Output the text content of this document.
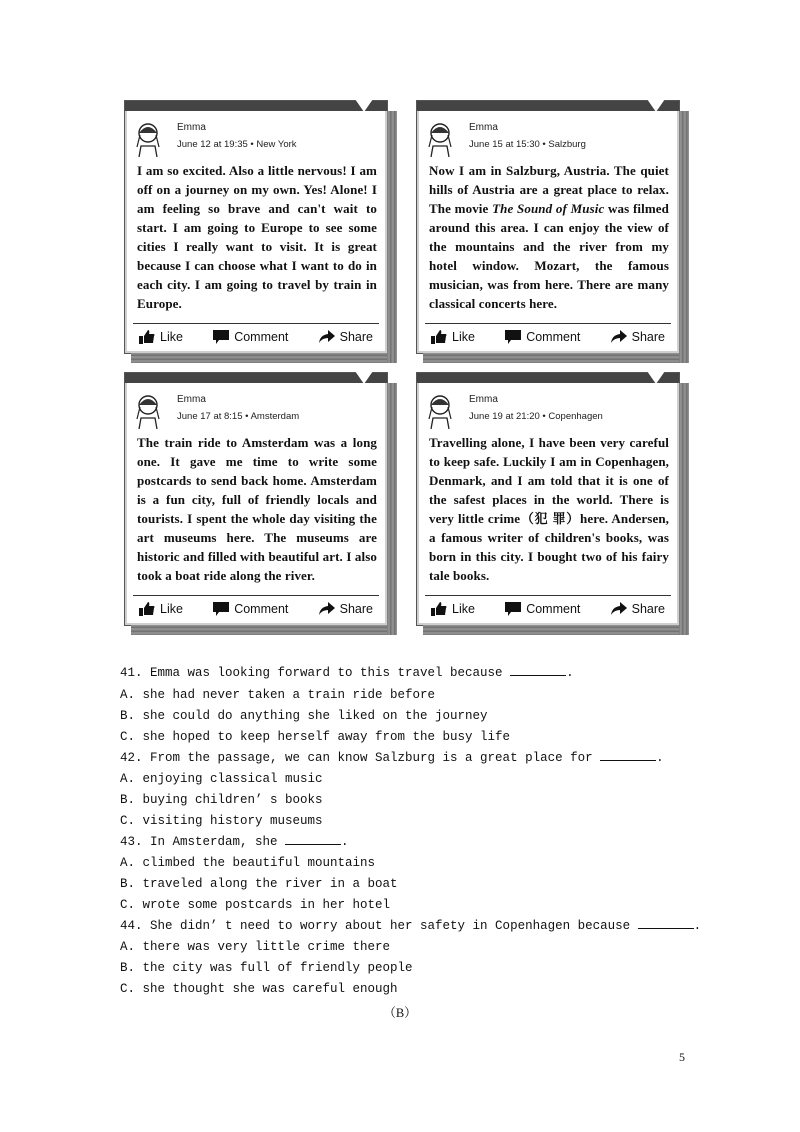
Emma
June 12 at 19:35 • New York
I am so excited. Also a little nervous! I am off on a journey on my own. Yes! Alone! I am feeling so brave and can't wait to start. I am going to Europe to see some cities I really want to visit. It is great because I can choose what I want to do in each city. I am going to travel by train in Europe.
Like	Comment	Share
Emma
June 15 at 15:30 • Salzburg
Now I am in Salzburg, Austria. The quiet hills of Austria are a great place to relax. The movie The Sound of Music was filmed around this area. I can enjoy the view of the mountains and the river from my hotel window. Mozart, the famous musician, was from here. There are many classical concerts here.
Like	Comment	Share
Emma
June 17 at 8:15 • Amsterdam
The train ride to Amsterdam was a long one. It gave me time to write some postcards to send back home. Amsterdam is a fun city, full of friendly locals and tourists. I spent the whole day visiting the art museums here. The museums are historic and filled with beautiful art. I also took a boat ride along the river.
Like	Comment	Share
Emma
June 19 at 21:20 • Copenhagen
Travelling alone, I have been very careful to keep safe. Luckily I am in Copenhagen, Denmark, and I am told that it is one of the safest places in the world. There is very little crime（犯 罪）here. Andersen, a famous writer of children's books, was born in this city. I bought two of his fairy tale books.
Like	Comment	Share
41. Emma was looking forward to this travel because	.
A. she had never taken a train ride before
B. she could do anything she liked on the journey
C. she hoped to keep herself away from the busy life
42. From the passage, we can know Salzburg is a great place for	.
A. enjoying classical music
B. buying children’ s books
C. visiting history museums
43. In Amsterdam, she	.
A. climbed the beautiful mountains
B. traveled along the river in a boat
C. wrote some postcards in her hotel
44. She didn’ t need to worry about her safety in Copenhagen because	.
A. there was very little crime there
B. the city was full of friendly people
C. she thought she was careful enough
（B）
5
